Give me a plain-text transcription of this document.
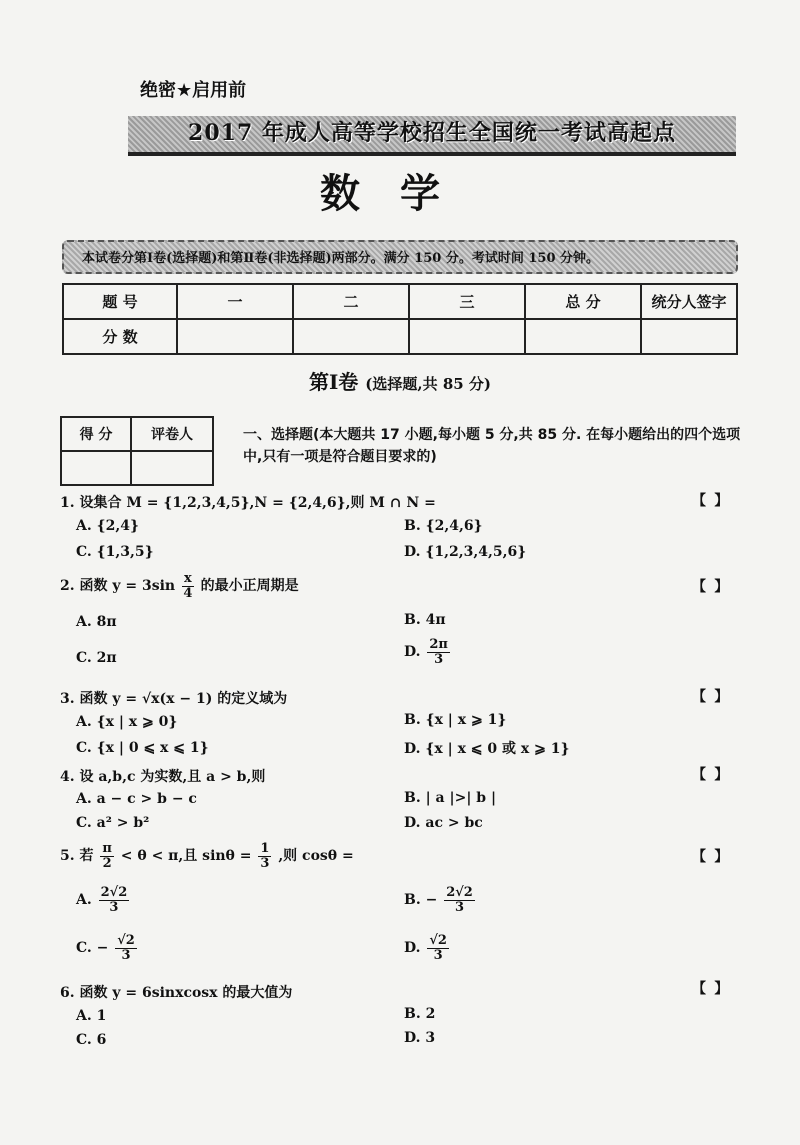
绝密★启用前
2017 年成人高等学校招生全国统一考试高起点
数学
本试卷分第Ⅰ卷(选择题)和第Ⅱ卷(非选择题)两部分。满分 150 分。考试时间 150 分钟。
题 号	一	二	三	总 分	统分人签字
分 数					
第Ⅰ卷 (选择题,共 85 分)
得 分	评卷人
		一、选择题(本大题共 17 小题,每小题 5 分,共 85 分. 在每小题给出的四个选项中,只有一项是符合题目要求的)
1. 设集合 M = {1,2,3,4,5},N = {2,4,6},则 M ∩ N =	【 】
A. {2,4}	B. {2,4,6}
C. {1,3,5}	D. {1,2,3,4,5,6}
2. 函数 $y = 3\sin \frac{x}{4}$ 的最小正周期是	【 】
A. 8π	B. 4π
C. 2π	D. $\frac{2\pi}{3}$
3. 函数 y = √x(x − 1) 的定义域为	【 】
A. {x | x ⩾ 0}	B. {x | x ⩾ 1}
C. {x | 0 ⩽ x ⩽ 1}	D. {x | x ⩽ 0 或 x ⩾ 1}
4. 设 a,b,c 为实数,且 a > b,则	【 】
A. a − c > b − c	B. | a |>| b |
C. a² > b²	D. ac > bc
5. 若 $\frac{\pi}{2} < \theta < \pi$,且 $\sin\theta = \frac{1}{3}$ ,则 cosθ =	【 】
A. $\frac{2√2}{3}$	B. − $\frac{2√2}{3}$
C. − $\frac{√2}{3}$	D. $\frac{√2}{3}$
6. 函数 y = 6sinxcosx 的最大值为	【 】
A. 1	B. 2
C. 6	D. 3
